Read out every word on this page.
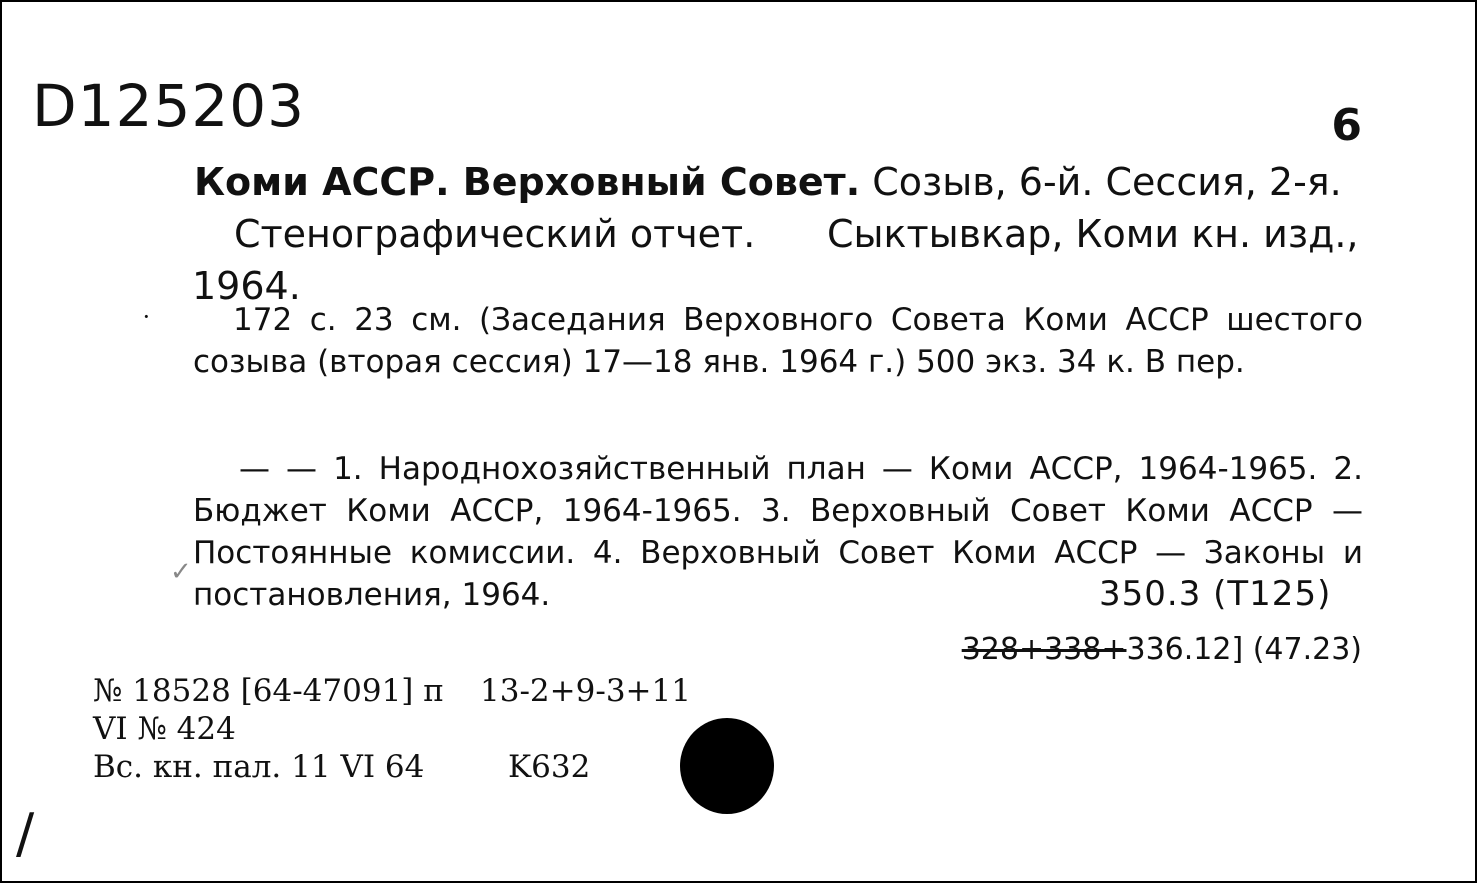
D125203	6
Коми АССР. Верховный Совет. Созыв, 6-й. Сессия, 2-я.
Стенографический отчет. Сыктывкар, Коми кн. изд.,
1964.
·	172 с. 23 см. (Заседания Верховного Совета Коми АССР шестого созыва (вторая сессия) 17—18 янв. 1964 г.) 500 экз. 34 к. В пер.
— — 1. Народнохозяйственный план — Коми АССР, 1964-1965. 2. Бюджет Коми АССР, 1964-1965. 3. Верховный Совет Коми АССР — Постоянные комиссии. 4. Верховный Совет Коми АССР — Законы и постановления, 1964.
✓
350.3 (T125)
328+338+336.12] (47.23)
№ 18528 [64-47091] п 13-2+9-3+11
VI № 424
Вс. кн. пал. 11 VI 64	K632
/
